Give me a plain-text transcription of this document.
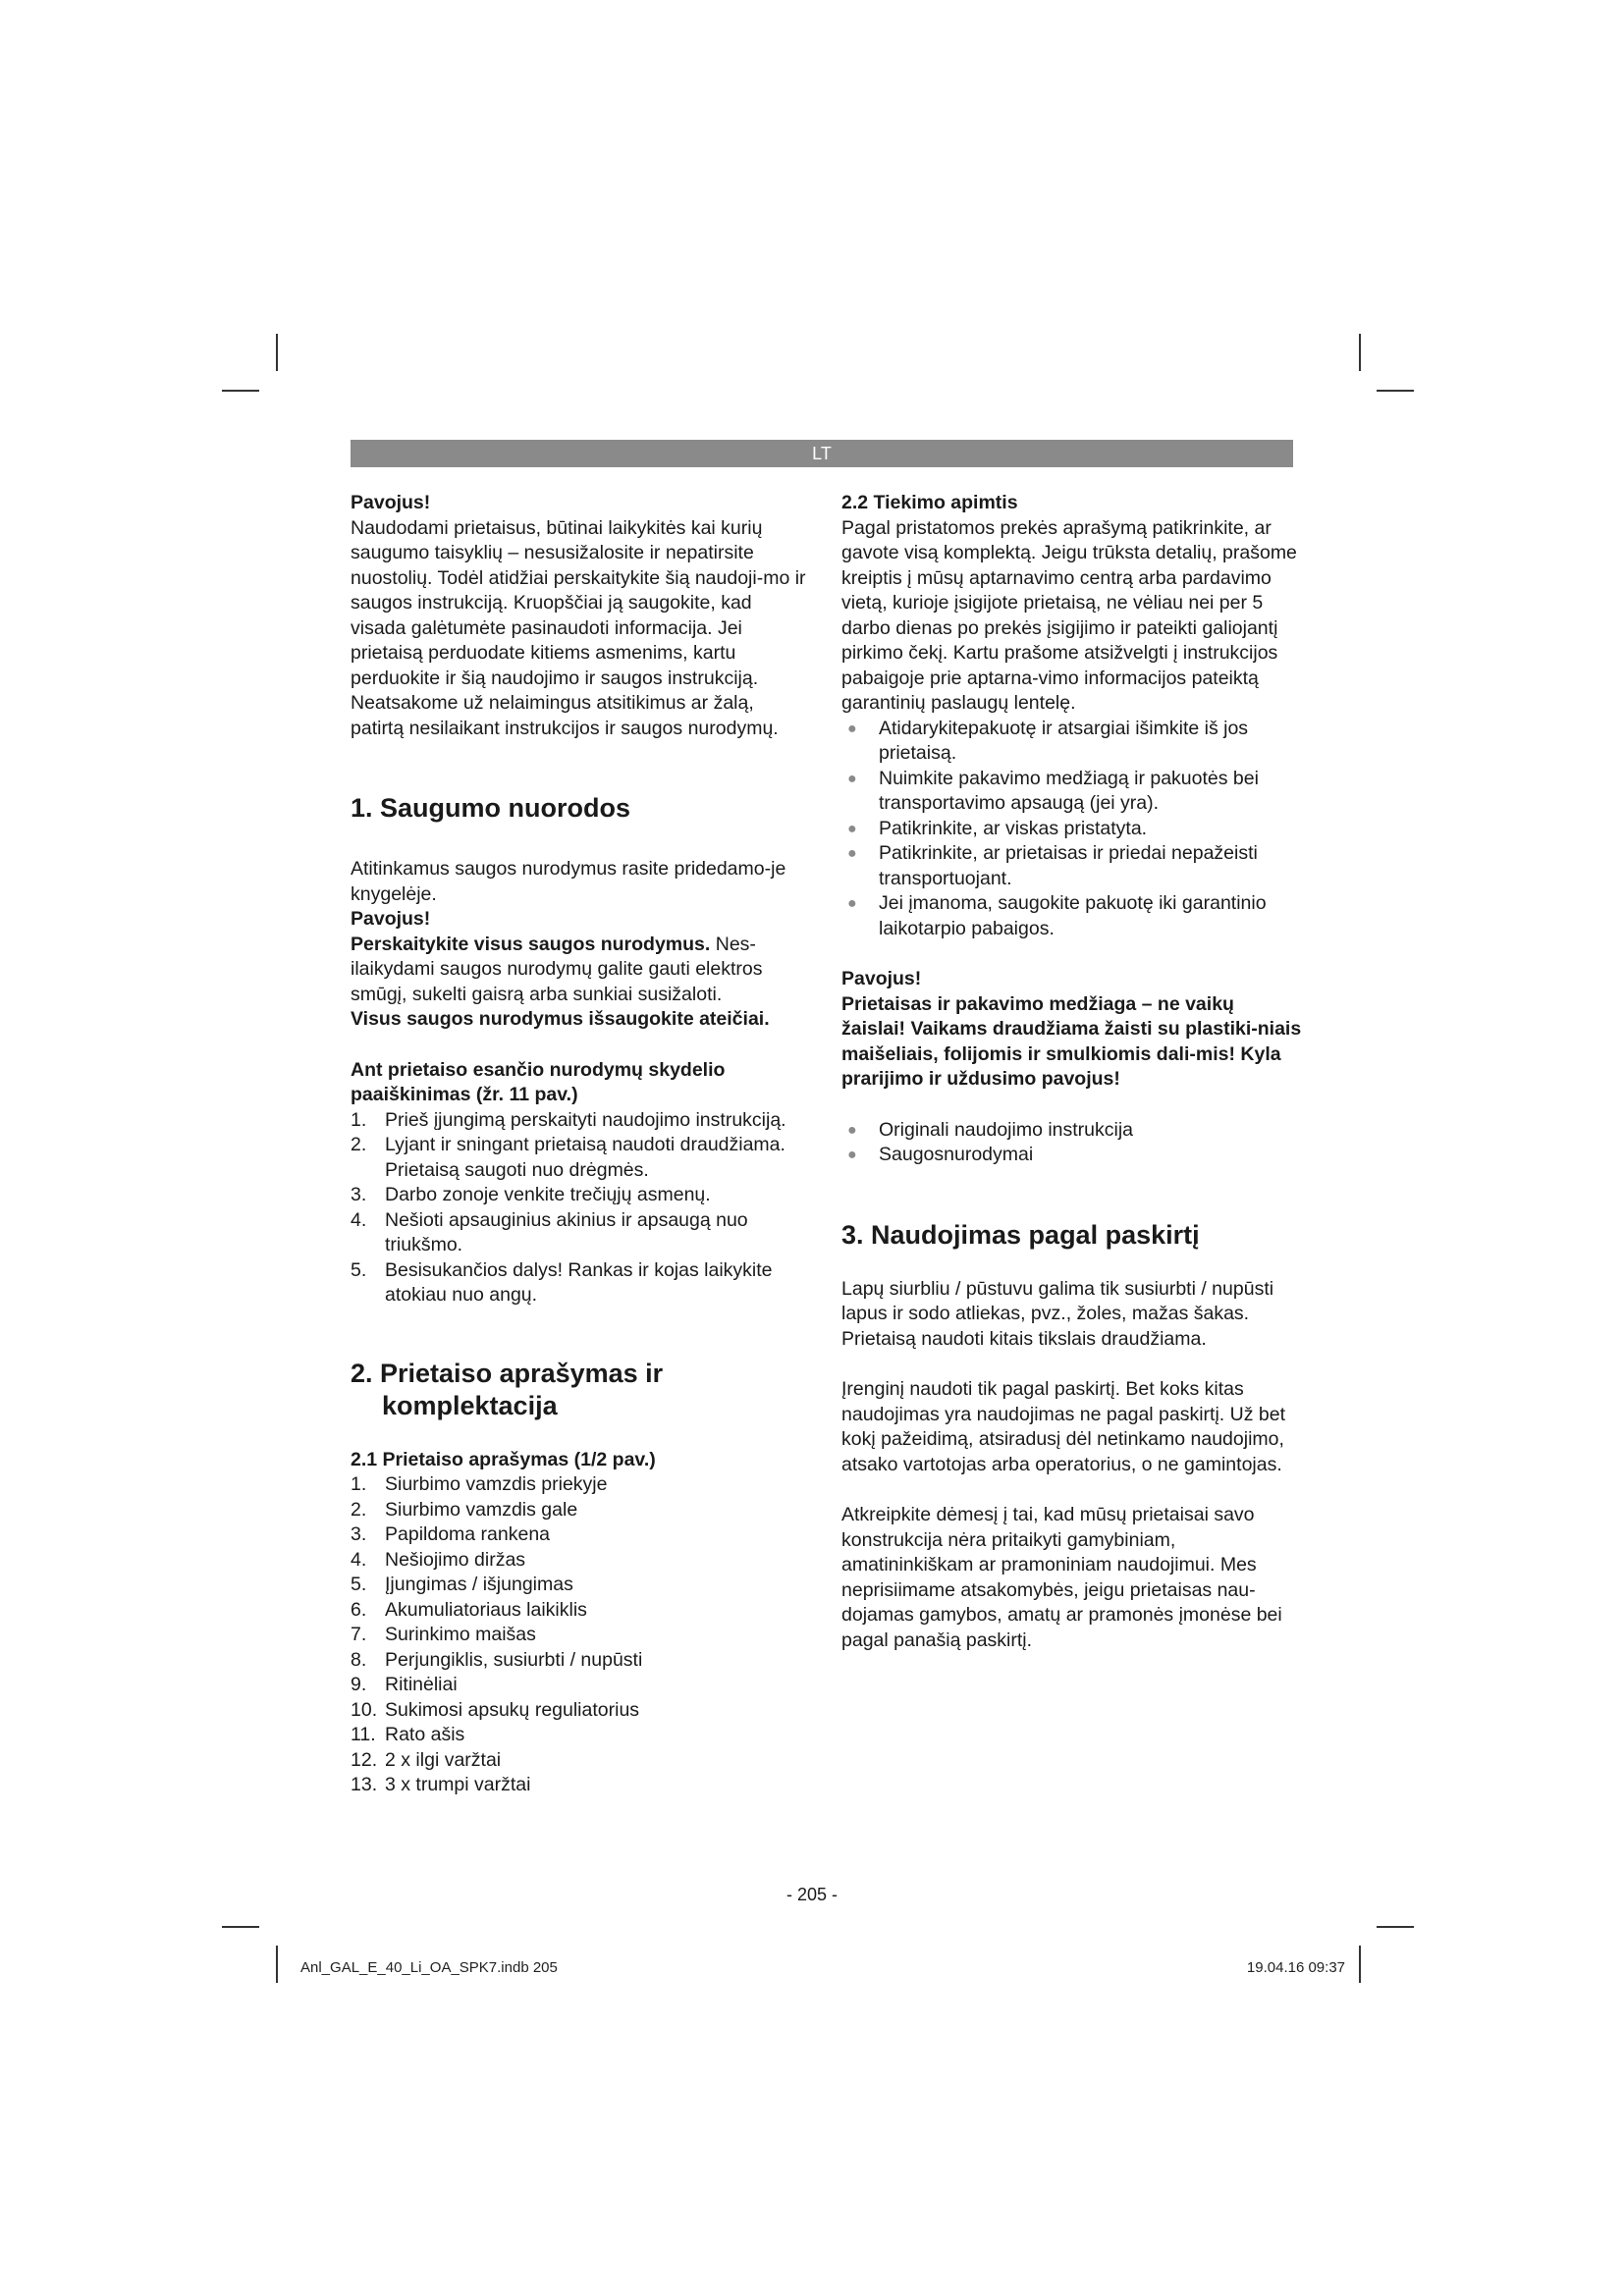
LT

Pavojus!

Naudodami prietaisus, būtinai laikykitės kai kurių saugumo taisyklių – nesusižalosite ir nepatirsite nuostolių. Todėl atidžiai perskaitykite šią naudoji-mo ir saugos instrukciją. Kruopščiai ją saugokite, kad visada galėtumėte pasinaudoti informacija. Jei prietaisą perduodate kitiems asmenims, kartu perduokite ir šią naudojimo ir saugos instrukciją. Neatsakome už nelaimingus atsitikimus ar žalą, patirtą nesilaikant instrukcijos ir saugos nurodymų.

1. Saugumo nuorodos

Atitinkamus saugos nurodymus rasite pridedamo-je knygelėje.

Pavojus!

Perskaitykite visus saugos nurodymus. Nes-ilaikydami saugos nurodymų galite gauti elektros smūgį, sukelti gaisrą arba sunkiai susižaloti.

Visus saugos nurodymus išsaugokite ateičiai.

Ant prietaiso esančio nurodymų skydelio paaiškinimas (žr. 11 pav.)

1. Prieš įjungimą perskaityti naudojimo instrukciją.
2. Lyjant ir sningant prietaisą naudoti draudžiama. Prietaisą saugoti nuo drėgmės.
3. Darbo zonoje venkite trečiųjų asmenų.
4. Nešioti apsauginius akinius ir apsaugą nuo triukšmo.
5. Besisukančios dalys! Rankas ir kojas laikykite atokiau nuo angų.

2. Prietaiso aprašymas ir
komplektacija

2.1 Prietaiso aprašymas (1/2 pav.)

1. Siurbimo vamzdis priekyje
2. Siurbimo vamzdis gale
3. Papildoma rankena
4. Nešiojimo diržas
5. Įjungimas / išjungimas
6. Akumuliatoriaus laikiklis
7. Surinkimo maišas
8. Perjungiklis, susiurbti / nupūsti
9. Ritinėliai
10. Sukimosi apsukų reguliatorius
11. Rato ašis
12. 2 x ilgi varžtai
13. 3 x trumpi varžtai

2.2 Tiekimo apimtis

Pagal pristatomos prekės aprašymą patikrinkite, ar gavote visą komplektą. Jeigu trūksta detalių, prašome kreiptis į mūsų aptarnavimo centrą arba pardavimo vietą, kurioje įsigijote prietaisą, ne vėliau nei per 5 darbo dienas po prekės įsigijimo ir pateikti galiojantį pirkimo čekį. Kartu prašome atsižvelgti į instrukcijos pabaigoje prie aptarna-vimo informacijos pateiktą garantinių paslaugų lentelę.

● Atidarykitepakuotę ir atsargiai išimkite iš jos prietaisą.
● Nuimkite pakavimo medžiagą ir pakuotės bei transportavimo apsaugą (jei yra).
● Patikrinkite, ar viskas pristatyta.
● Patikrinkite, ar prietaisas ir priedai nepažeisti transportuojant.
● Jei įmanoma, saugokite pakuotę iki garantinio laikotarpio pabaigos.

Pavojus!

Prietaisas ir pakavimo medžiaga – ne vaikų žaislai! Vaikams draudžiama žaisti su plastiki-niais maišeliais, folijomis ir smulkiomis dali-mis! Kyla prarijimo ir uždusimo pavojus!

● Originali naudojimo instrukcija
● Saugosnurodymai

3. Naudojimas pagal paskirtį

Lapų siurbliu / pūstuvu galima tik susiurbti / nupūsti lapus ir sodo atliekas, pvz., žoles, mažas šakas. Prietaisą naudoti kitais tikslais draudžiama.

Įrenginį naudoti tik pagal paskirtį. Bet koks kitas naudojimas yra naudojimas ne pagal paskirtį. Už bet kokį pažeidimą, atsiradusį dėl netinkamo naudojimo, atsako vartotojas arba operatorius, o ne gamintojas.

Atkreipkite dėmesį į tai, kad mūsų prietaisai savo konstrukcija nėra pritaikyti gamybiniam, amatininkiškam ar pramoniniam naudojimui. Mes neprisiimame atsakomybės, jeigu prietaisas nau-dojamas gamybos, amatų ar pramonės įmonėse bei pagal panašią paskirtį.

- 205 -
Anl_GAL_E_40_Li_OA_SPK7.indb 205	19.04.16 09:37
